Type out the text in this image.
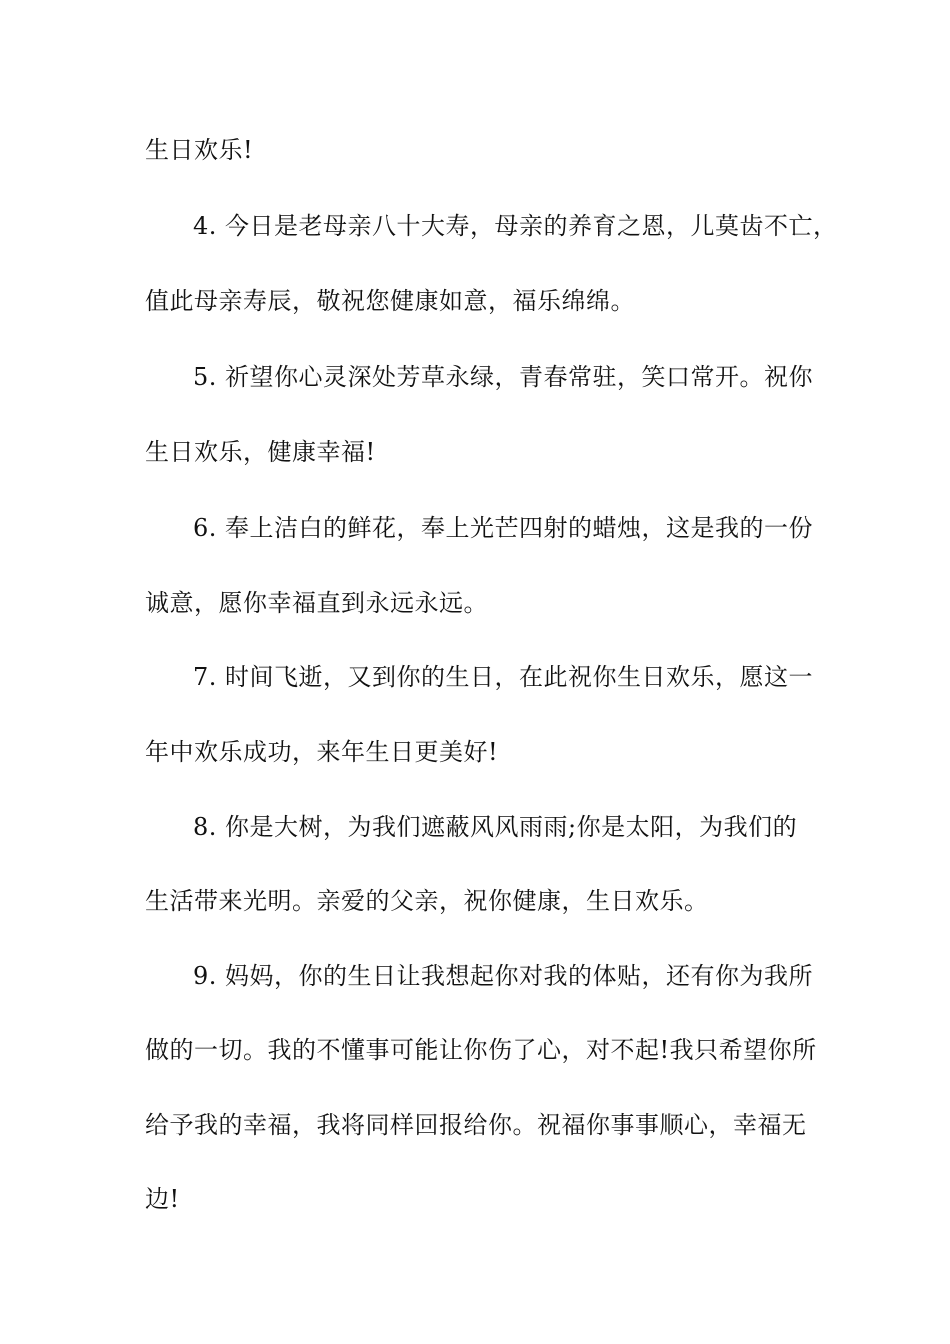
生日欢乐!
4. 今日是老母亲八十大寿，母亲的养育之恩，儿莫齿不亡，
值此母亲寿辰，敬祝您健康如意，福乐绵绵。
5. 祈望你心灵深处芳草永绿，青春常驻，笑口常开。祝你
生日欢乐，健康幸福!
6. 奉上洁白的鲜花，奉上光芒四射的蜡烛，这是我的一份
诚意，愿你幸福直到永远永远。
7. 时间飞逝，又到你的生日，在此祝你生日欢乐，愿这一
年中欢乐成功，来年生日更美好!
8. 你是大树，为我们遮蔽风风雨雨;你是太阳，为我们的
生活带来光明。亲爱的父亲，祝你健康，生日欢乐。
9. 妈妈，你的生日让我想起你对我的体贴，还有你为我所
做的一切。我的不懂事可能让你伤了心，对不起!我只希望你所
给予我的幸福，我将同样回报给你。祝福你事事顺心，幸福无
边!
